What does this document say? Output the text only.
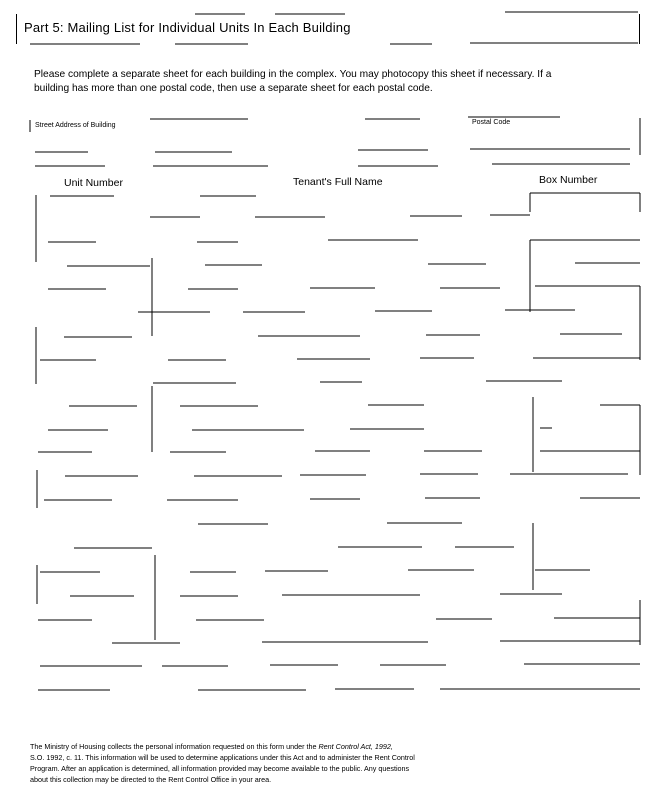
Part 5: Mailing List for Individual Units In Each Building
Please complete a separate sheet for each building in the complex. You may photocopy this sheet if necessary. If a
building has more than one postal code, then use a separate sheet for each postal code.
Street Address of Building	Postal Code
Unit Number	Tenant's Full Name	Box Number
The Ministry of Housing collects the personal information requested on this form under the Rent Control Act, 1992,
S.O. 1992, c. 11. This information will be used to determine applications under this Act and to administer the Rent Control
Program. After an application is determined, all information provided may become available to the public. Any questions
about this collection may be directed to the Rent Control Office in your area.
